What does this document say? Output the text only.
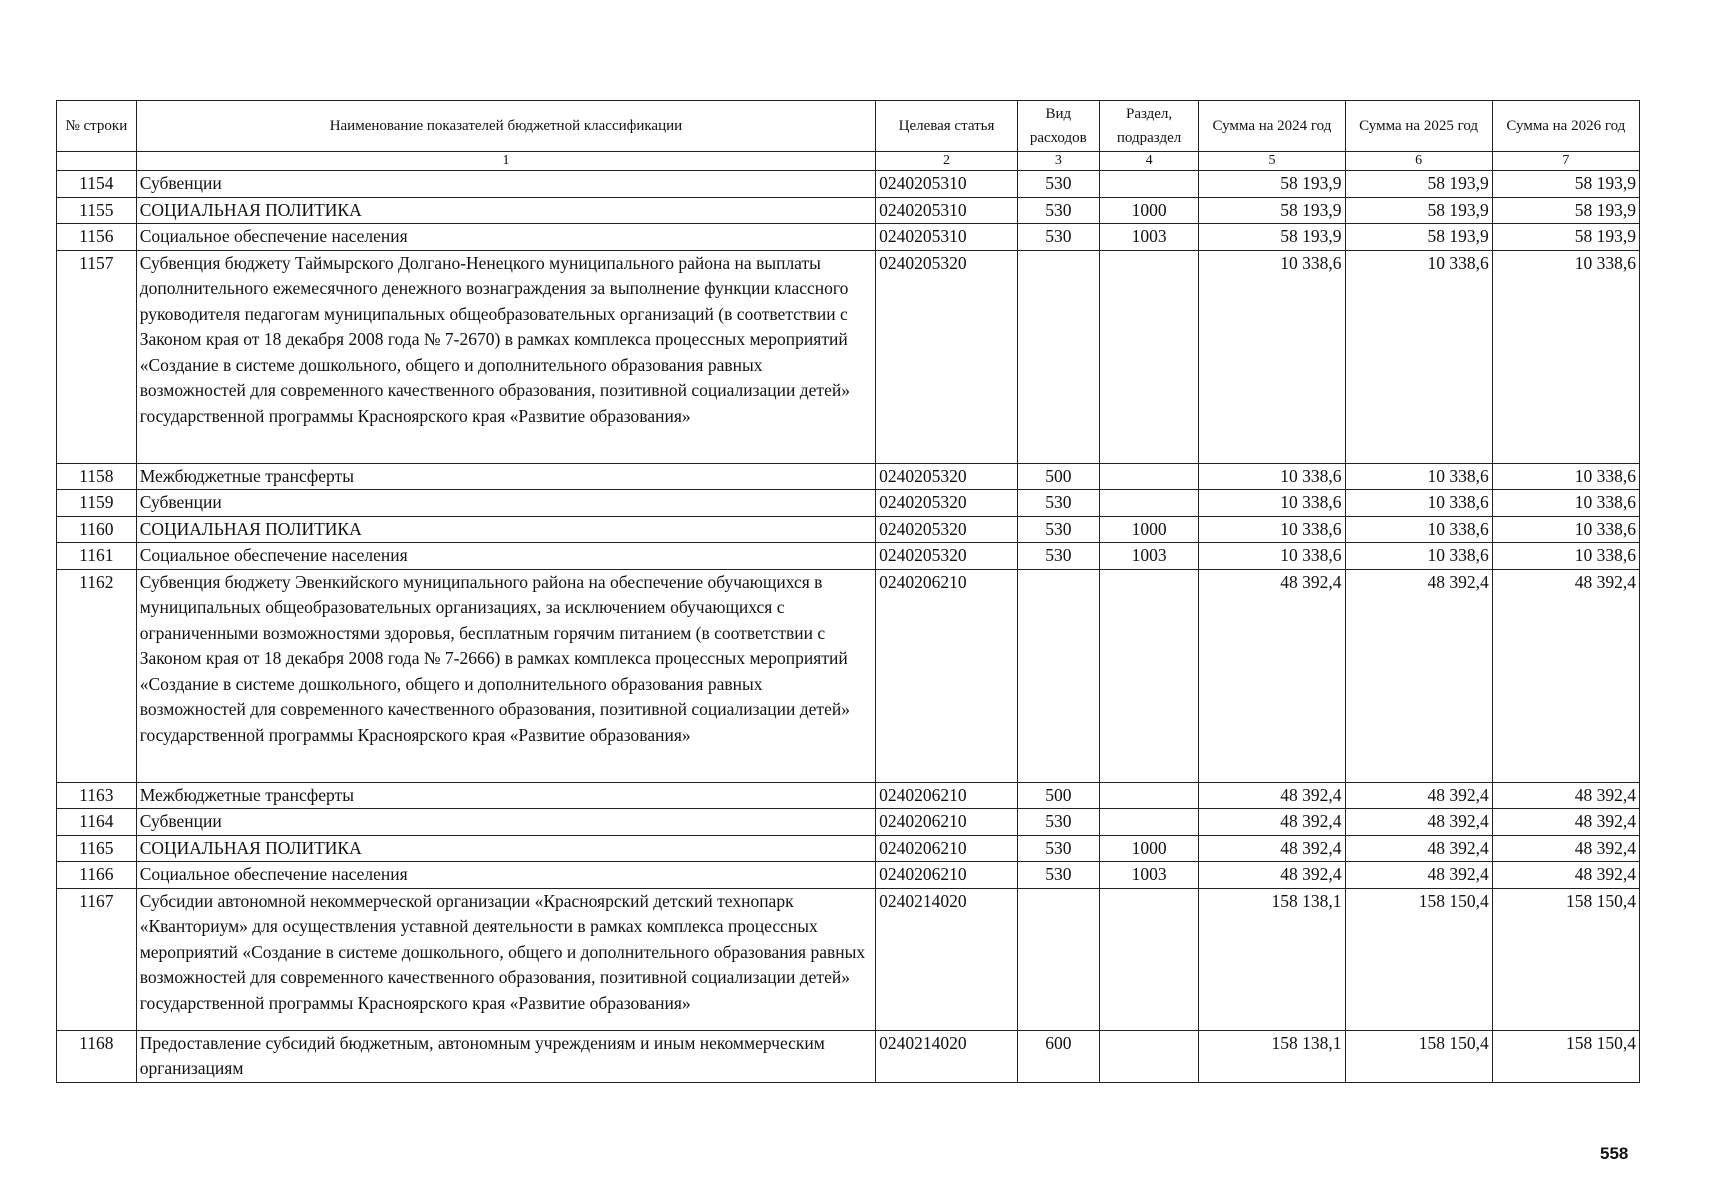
№ строки	Наименование показателей бюджетной классификации	Целевая статья	Вид расходов	Раздел, подраздел	Сумма на 2024 год	Сумма на 2025 год	Сумма на 2026 год
	1	2	3	4	5	6	7
1154	Субвенции	0240205310	530		58 193,9	58 193,9	58 193,9
1155	СОЦИАЛЬНАЯ ПОЛИТИКА	0240205310	530	1000	58 193,9	58 193,9	58 193,9
1156	Социальное обеспечение населения	0240205310	530	1003	58 193,9	58 193,9	58 193,9
1157	Субвенция бюджету Таймырского Долгано-Ненецкого муниципального района на выплаты дополнительного ежемесячного денежного вознаграждения за выполнение функции классного руководителя педагогам муниципальных общеобразовательных организаций (в соответствии с Законом края от 18 декабря 2008 года № 7-2670) в рамках комплекса процессных мероприятий «Создание в системе дошкольного, общего и дополнительного образования равных возможностей для современного качественного образования, позитивной социализации детей» государственной программы Красноярского края «Развитие образования»	0240205320			10 338,6	10 338,6	10 338,6
1158	Межбюджетные трансферты	0240205320	500		10 338,6	10 338,6	10 338,6
1159	Субвенции	0240205320	530		10 338,6	10 338,6	10 338,6
1160	СОЦИАЛЬНАЯ ПОЛИТИКА	0240205320	530	1000	10 338,6	10 338,6	10 338,6
1161	Социальное обеспечение населения	0240205320	530	1003	10 338,6	10 338,6	10 338,6
1162	Субвенция бюджету Эвенкийского муниципального района на обеспечение обучающихся в муниципальных общеобразовательных организациях, за исключением обучающихся с ограниченными возможностями здоровья, бесплатным горячим питанием (в соответствии с Законом края от 18 декабря 2008 года № 7-2666) в рамках комплекса процессных мероприятий «Создание в системе дошкольного, общего и дополнительного образования равных возможностей для современного качественного образования, позитивной социализации детей» государственной программы Красноярского края «Развитие образования»	0240206210			48 392,4	48 392,4	48 392,4
1163	Межбюджетные трансферты	0240206210	500		48 392,4	48 392,4	48 392,4
1164	Субвенции	0240206210	530		48 392,4	48 392,4	48 392,4
1165	СОЦИАЛЬНАЯ ПОЛИТИКА	0240206210	530	1000	48 392,4	48 392,4	48 392,4
1166	Социальное обеспечение населения	0240206210	530	1003	48 392,4	48 392,4	48 392,4
1167	Субсидии автономной некоммерческой организации «Красноярский детский технопарк «Кванториум» для осуществления уставной деятельности в рамках комплекса процессных мероприятий «Создание в системе дошкольного, общего и дополнительного образования равных возможностей для современного качественного образования, позитивной социализации детей» государственной программы Красноярского края «Развитие образования»	0240214020			158 138,1	158 150,4	158 150,4
1168	Предоставление субсидий бюджетным, автономным учреждениям и иным некоммерческим организациям	0240214020	600		158 138,1	158 150,4	158 150,4
558
